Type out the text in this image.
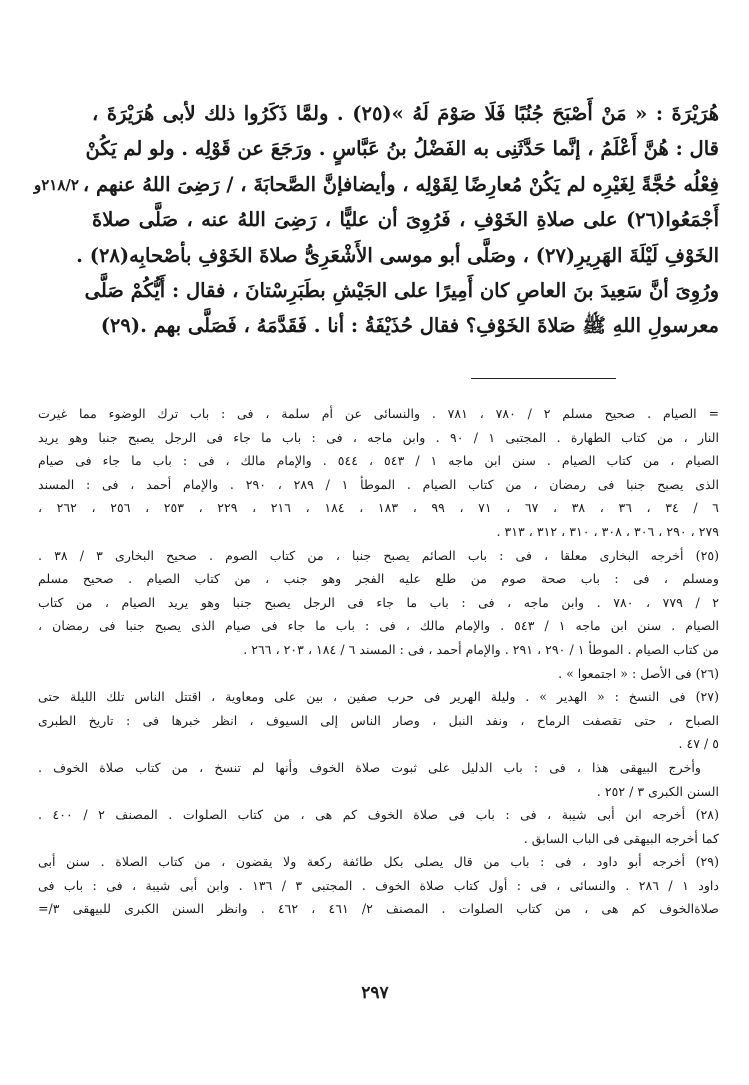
٢١٨/٢و
هُرَيْرَةَ : « مَنْ أَصْبَحَ جُنُبًا فَلَا صَوْمَ لَهُ »(٢٥) . ولمَّا ذَكَرُوا ذلك لأبى هُرَيْرَةَ ،
قال : هُنَّ أَعْلَمُ ، إنَّما حَدَّثَنِى به الفَضْلُ بنُ عَبَّاسٍ . ورَجَعَ عن قَوْلِه . ولو لم يَكُنْ
فِعْلُه حُجَّةً لِغَيْرِه لم يَكُنْ مُعارِضًا لِقَوْلِه ، وأيضافإنَّ الصَّحابَةَ ، / رَضِىَ اللهُ عنهم ،
أَجْمَعُوا(٢٦) على صلاةِ الخَوْفِ ، فَرُوِىَ أن عليًّا ، رَضِىَ اللهُ عنه ، صَلَّى صلاةَ
الخَوْفِ لَيْلَةَ الهَرِيرِ(٢٧) ، وصَلَّى أبو موسى الأَشْعَرِىُّ صلاةَ الخَوْفِ بأصْحابِه(٢٨) .
ورُوِىَ أنَّ سَعِيدَ بنَ العاصِ كان أَمِيرًا على الجَيْشِ بطَبَرِسْتانَ ، فقال : أَيُّكُمْ صَلَّى
معرسولِ اللهِ ﷺ صَلاةَ الخَوْفِ؟ فقال حُذَيْفَةُ : أنا . فَقَدَّمَهُ ، فَصَلَّى بهم .(٢٩)
= الصيام . صحيح مسلم ٢ / ٧٨٠ ، ٧٨١ . والنسائى عن أم سلمة ، فى : باب ترك الوضوء مما غيرت
النار ، من كتاب الطهارة . المجتبى ١ / ٩٠ . وابن ماجه ، فى : باب ما جاء فى الرجل يصبح جنبا وهو يريد
الصيام ، من كتاب الصيام . سنن ابن ماجه ١ / ٥٤٣ ، ٥٤٤ . والإمام مالك ، فى : باب ما جاء فى صيام
الذى يصبح جنبا فى رمضان ، من كتاب الصيام . الموطأ ١ / ٢٨٩ ، ٢٩٠ . والإمام أحمد ، فى : المسند
٦ / ٣٤ ، ٣٦ ، ٣٨ ، ٦٧ ، ٧١ ، ٩٩ ، ١٨٣ ، ١٨٤ ، ٢١٦ ، ٢٢٩ ، ٢٥٣ ، ٢٥٦ ، ٢٦٢ ،
٢٧٩ ، ٢٩٠ ، ٣٠٦ ، ٣٠٨ ، ٣١٠ ، ٣١٢ ، ٣١٣ .
(٢٥) أخرجه البخارى معلقا ، فى : باب الصائم يصبح جنبا ، من كتاب الصوم . صحيح البخارى ٣ / ٣٨ .
ومسلم ، فى : باب صحة صوم من طلع عليه الفجر وهو جنب ، من كتاب الصيام . صحيح مسلم
٢ / ٧٧٩ ، ٧٨٠ . وابن ماجه ، فى : باب ما جاء فى الرجل يصبح جنبا وهو يريد الصيام ، من كتاب
الصيام . سنن ابن ماجه ١ / ٥٤٣ . والإمام مالك ، فى : باب ما جاء فى صيام الذى يصبح جنبا فى رمضان ،
من كتاب الصيام . الموطأ ١ / ٢٩٠ ، ٢٩١ . والإمام أحمد ، فى : المسند ٦ / ١٨٤ ، ٢٠٣ ، ٢٦٦ .
(٢٦) فى الأصل : « اجتمعوا » .
(٢٧) فى النسخ : « الهدير » . وليلة الهرير فى حرب صفين ، بين على ومعاوية ، اقتتل الناس تلك الليلة حتى
الصباح ، حتى تقصفت الرماح ، ونفد النبل ، وصار الناس إلى السيوف ، انظر خبرها فى : تاريخ الطبرى
٥ / ٤٧ .
وأخرج البيهقى هذا ، فى : باب الدليل على ثبوت صلاة الخوف وأنها لم تنسخ ، من كتاب صلاة الخوف .
السنن الكبرى ٣ / ٢٥٢ .
(٢٨) أخرجه ابن أبى شيبة ، فى : باب فى صلاة الخوف كم هى ، من كتاب الصلوات . المصنف ٢ / ٤٠٠ .
كما أخرجه البيهقى فى الباب السابق .
(٢٩) أخرجه أبو داود ، فى : باب من قال يصلى بكل طائفة ركعة ولا يقضون ، من كتاب الصلاة . سنن أبى
داود ١ / ٢٨٦ . والنسائى ، فى : أول كتاب صلاة الخوف . المجتبى ٣ / ١٣٦ . وابن أبى شيبة ، فى : باب فى
صلاةالخوف كم هى ، من كتاب الصلوات . المصنف ٢/ ٤٦١ ، ٤٦٢ . وانظر السنن الكبرى للبيهقى ٣/=
٢٩٧
